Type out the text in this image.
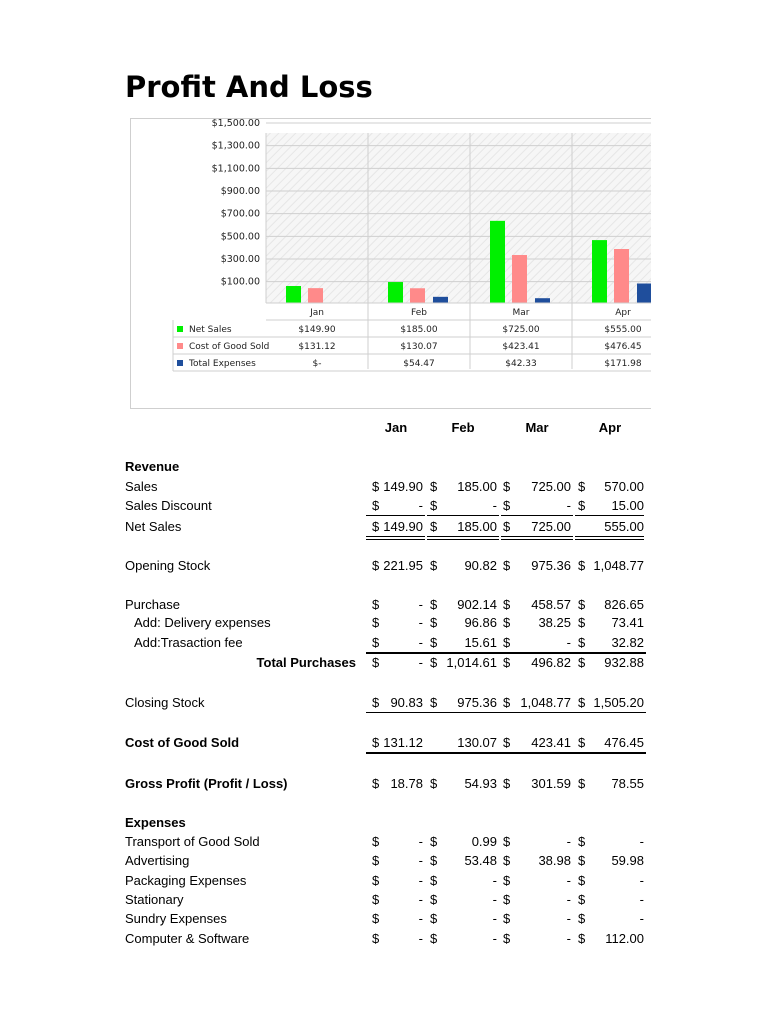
Profit And Loss
$100.00
$300.00
$500.00
$700.00
$900.00
$1,100.00
$1,300.00
$1,500.00
Jan	Feb	Mar	Apr
Net Sales	$149.90	$185.00	$725.00	$555.00
Cost of Good Sold	$131.12	$130.07	$423.41	$476.45
Total Expenses	$-	$54.47	$42.33	$171.98
Jan	Feb	Mar	Apr
Revenue
Sales	$ 149.90 $	185.00 $	725.00 $	570.00
Sales Discount	$	- $	- $	- $	15.00
Net Sales	$ 149.90 $	185.00 $	725.00	555.00
Opening Stock	$ 221.95 $	90.82 $	975.36 $ 1,048.77
Purchase	$	- $	902.14 $	458.57 $	826.65
Add: Delivery expenses	$	- $	96.86 $	38.25 $	73.41
Add:Trasaction fee	$	- $	15.61 $	- $	32.82
Total Purchases $	- $ 1,014.61 $	496.82 $	932.88
Closing Stock	$ 90.83 $	975.36 $ 1,048.77 $ 1,505.20
Cost of Good Sold	$ 131.12	130.07 $	423.41 $	476.45
Gross Profit (Profit / Loss)	$ 18.78 $	54.93 $	301.59 $	78.55
Expenses
Transport of Good Sold	$	- $	0.99 $	- $	-
Advertising	$	- $	53.48 $	38.98 $	59.98
Packaging Expenses	$	- $	- $	- $	-
Stationary	$	- $	- $	- $	-
Sundry Expenses	$	- $	- $	- $	-
Computer & Software	$	- $	- $	- $	112.00
